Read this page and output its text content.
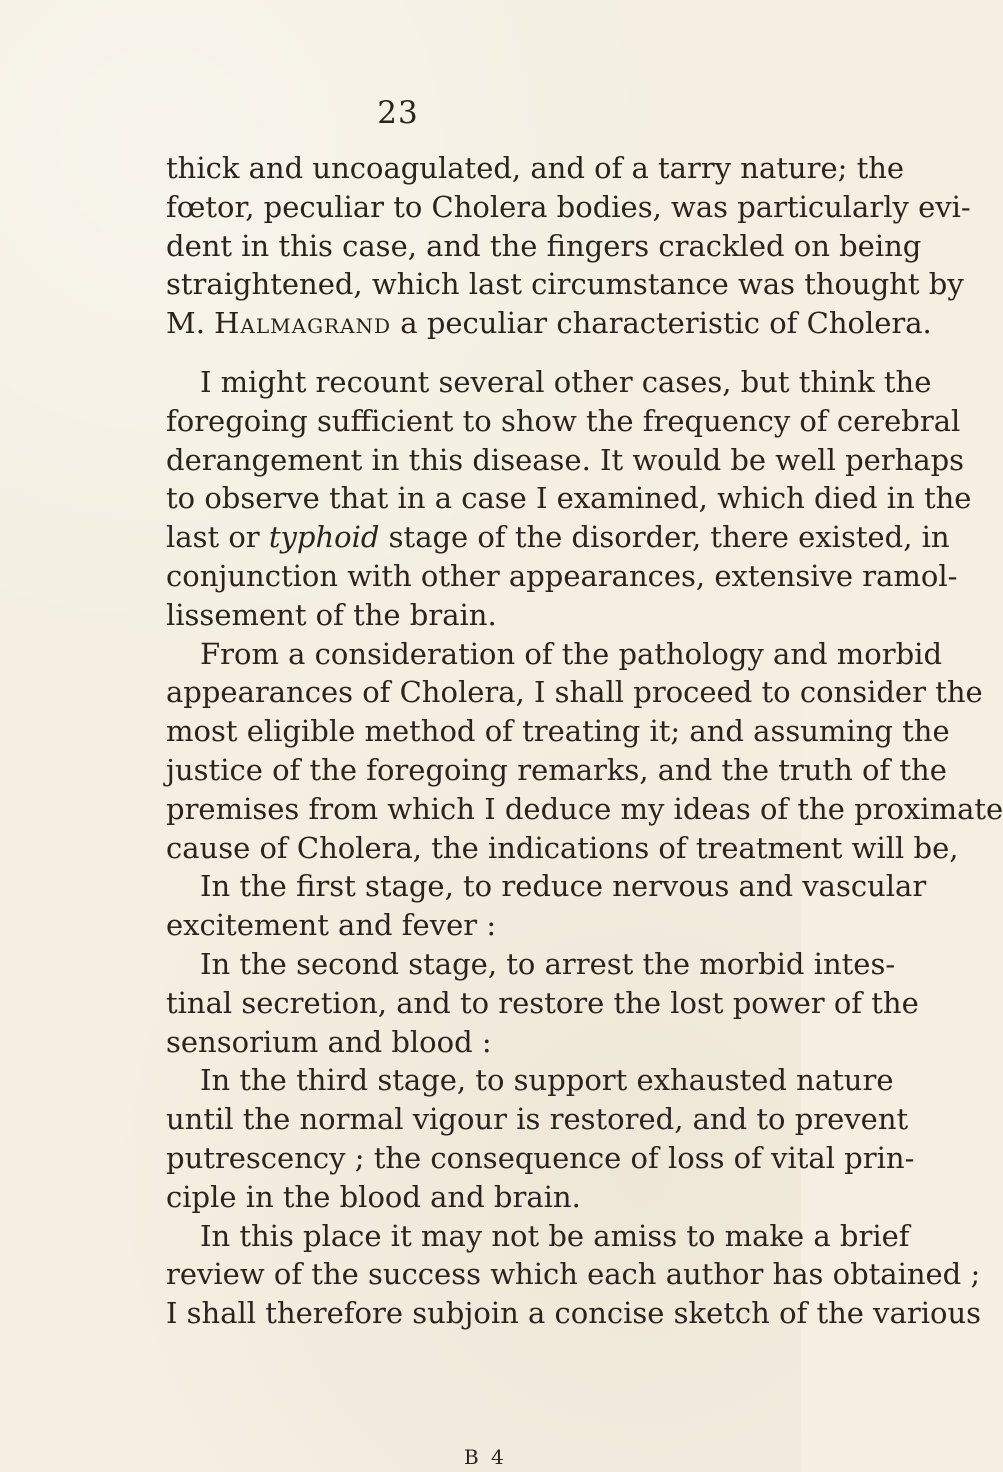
23
thick and uncoagulated, and of a tarry nature; the
fœtor, peculiar to Cholera bodies, was particularly evi-
dent in this case, and the fingers crackled on being
straightened, which last circumstance was thought by
M. Halmagrand a peculiar characteristic of Cholera.
I might recount several other cases, but think the
foregoing sufficient to show the frequency of cerebral
derangement in this disease. It would be well perhaps
to observe that in a case I examined, which died in the
last or typhoid stage of the disorder, there existed, in
conjunction with other appearances, extensive ramol-
lissement of the brain.
From a consideration of the pathology and morbid
appearances of Cholera, I shall proceed to consider the
most eligible method of treating it; and assuming the
justice of the foregoing remarks, and the truth of the
premises from which I deduce my ideas of the proximate
cause of Cholera, the indications of treatment will be,
In the first stage, to reduce nervous and vascular
excitement and fever :
In the second stage, to arrest the morbid intes-
tinal secretion, and to restore the lost power of the
sensorium and blood :
In the third stage, to support exhausted nature
until the normal vigour is restored, and to prevent
putrescency ; the consequence of loss of vital prin-
ciple in the blood and brain.
In this place it may not be amiss to make a brief
review of the success which each author has obtained ;
I shall therefore subjoin a concise sketch of the various
B 4
